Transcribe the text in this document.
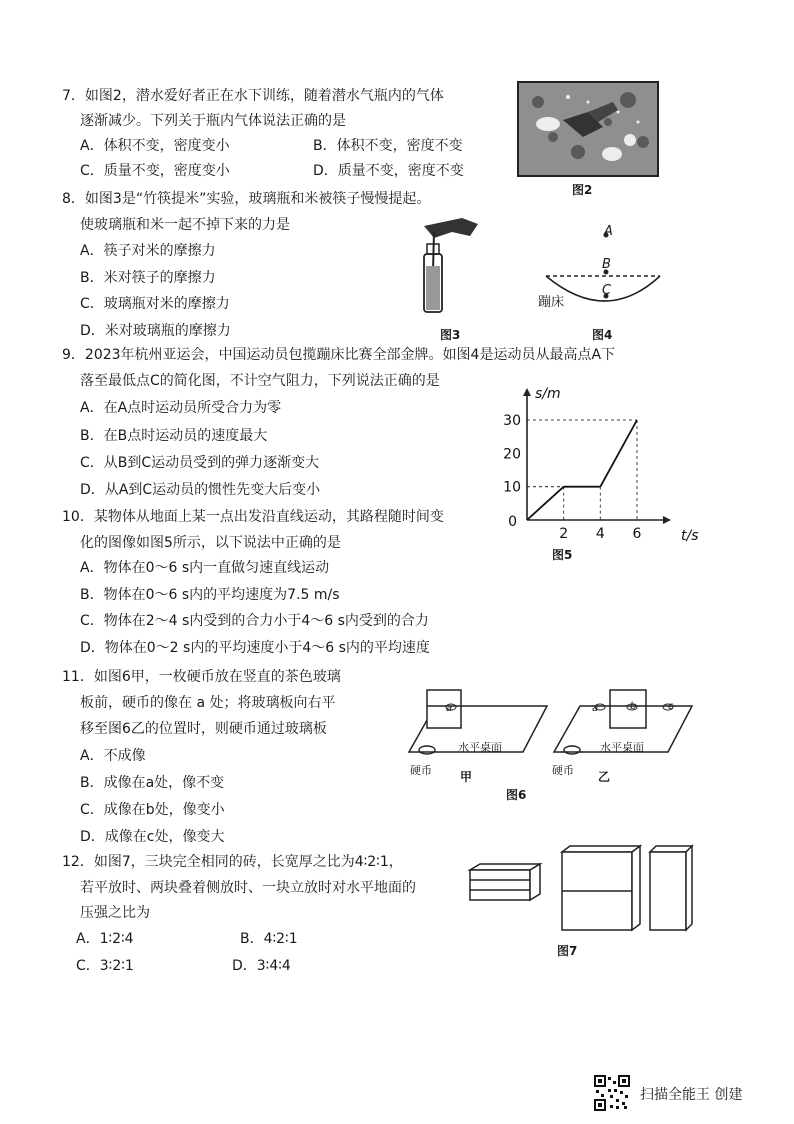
7．如图2，潜水爱好者正在水下训练，随着潜水气瓶内的气体
逐渐减少。下列关于瓶内气体说法正确的是
A．体积不变，密度变小	B．体积不变，密度不变
C．质量不变，密度变小	D．质量不变，密度不变
图2
8．如图3是“竹筷提米”实验，玻璃瓶和米被筷子慢慢提起。
使玻璃瓶和米一起不掉下来的力是
A．筷子对米的摩擦力
B．米对筷子的摩擦力
C．玻璃瓶对米的摩擦力
D．米对玻璃瓶的摩擦力	图3
A
B
C
蹦床
图4
9．2023年杭州亚运会，中国运动员包揽蹦床比赛全部金牌。如图4是运动员从最高点A下
落至最低点C的简化图，不计空气阻力，下列说法正确的是
A．在A点时运动员所受合力为零
B．在B点时运动员的速度最大
C．从B到C运动员受到的弹力逐渐变大
D．从A到C运动员的惯性先变大后变小
2 4 6
10
20
30
0
t/s
s/m
图5
10．某物体从地面上某一点出发沿直线运动，其路程随时间变
化的图像如图5所示，以下说法中正确的是
A．物体在0～6 s内一直做匀速直线运动
B．物体在0～6 s内的平均速度为7.5 m/s
C．物体在2～4 s内受到的合力小于4～6 s内受到的合力
D．物体在0～2 s内的平均速度小于4～6 s内的平均速度
11．如图6甲，一枚硬币放在竖直的茶色玻璃
板前，硬币的像在 a 处；将玻璃板向右平
移至图6乙的位置时，则硬币通过玻璃板
A．不成像
B．成像在a处，像不变
C．成像在b处，像变小
D．成像在c处，像变大
a
水平桌面
硬币 甲
a	b	c
水平桌面
硬币 乙
图6
12．如图7，三块完全相同的砖，长宽厚之比为4∶2∶1，
若平放时、两块叠着侧放时、一块立放时对水平地面的
压强之比为
A．1∶2∶4	B．4∶2∶1
C．3∶2∶1	D．3∶4∶4
图7
扫描全能王 创建
